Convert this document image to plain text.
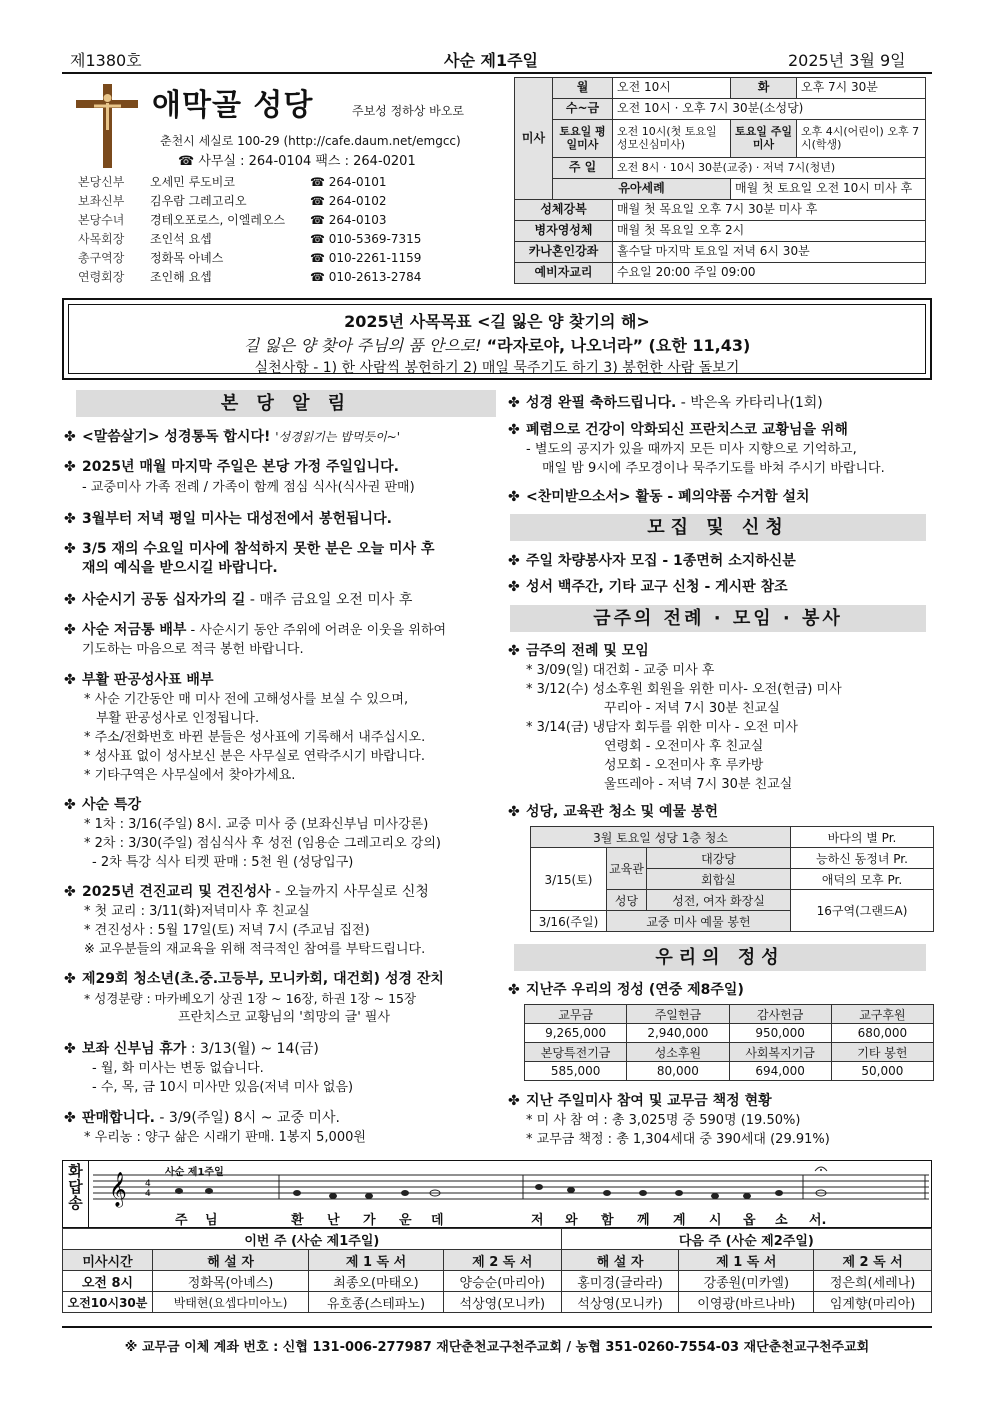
제1380호	사순 제1주일	2025년 3월 9일
애막골 성당	주보성 정하상 바오로
춘천시 세실로 100-29 (http://cafe.daum.net/emgcc)
☎ 사무실 : 264-0104 팩스 : 264-0201
본당신부	오세민 루도비코	☎ 264-0101
보좌신부	김우람 그레고리오	☎ 264-0102
본당수녀	경테오포로스, 이엘레오스	☎ 264-0103
사목회장	조인석 요셉	☎ 010-5369-7315
총구역장	정화목 아녜스	☎ 010-2261-1159
연령회장	조인해 요셉	☎ 010-2613-2784
미사	월	오전 10시	화	오후 7시 30분
	수~금	오전 10시 · 오후 7시 30분(소성당)		
	토요일 평일미사	오전 10시(첫 토요일 성모신심미사)	토요일 주일미사	오후 4시(어린이) 오후 7시(학생)
	주 일	오전 8시 · 10시 30분(교중) · 저녁 7시(청년)		
	유아세례		매월 첫 토요일 오전 10시 미사 후	
성체강복		매월 첫 목요일 오후 7시 30분 미사 후		
병자영성체		매월 첫 목요일 오후 2시		
카나혼인강좌		홀수달 마지막 토요일 저녁 6시 30분		
예비자교리		수요일 20:00 주일 09:00		
2025년 사목목표 <길 잃은 양 찾기의 해>
길 잃은 양 찾아 주님의 품 안으로! “라자로야, 나오너라” (요한 11,43)
실천사항 - 1) 한 사람씩 봉헌하기 2) 매일 묵주기도 하기 3) 봉헌한 사람 돌보기
본 당 알 림
✤ <말씀살기> 성경통독 합시다! '성경읽기는 밥먹듯이~'
✤ 2025년 매월 마지막 주일은 본당 가정 주일입니다.
- 교중미사 가족 전례 / 가족이 함께 점심 식사(식사권 판매)
✤ 3월부터 저녁 평일 미사는 대성전에서 봉헌됩니다.
✤ 3/5 재의 수요일 미사에 참석하지 못한 분은 오늘 미사 후
재의 예식을 받으시길 바랍니다.
✤ 사순시기 공동 십자가의 길 - 매주 금요일 오전 미사 후
✤ 사순 저금통 배부 - 사순시기 동안 주위에 어려운 이웃을 위하여
기도하는 마음으로 적극 봉헌 바랍니다.
✤ 부활 판공성사표 배부
* 사순 기간동안 매 미사 전에 고해성사를 보실 수 있으며,
부활 판공성사로 인정됩니다.
* 주소/전화번호 바뀐 분들은 성사표에 기록해서 내주십시오.
* 성사표 없이 성사보신 분은 사무실로 연락주시기 바랍니다.
* 기타구역은 사무실에서 찾아가세요.
✤ 사순 특강
* 1차 : 3/16(주일) 8시. 교중 미사 중 (보좌신부님 미사강론)
* 2차 : 3/30(주일) 점심식사 후 성전 (임용순 그레고리오 강의)
- 2차 특강 식사 티켓 판매 : 5천 원 (성당입구)
✤ 2025년 견진교리 및 견진성사 - 오늘까지 사무실로 신청
* 첫 교리 : 3/11(화)저녁미사 후 친교실
* 견진성사 : 5월 17일(토) 저녁 7시 (주교님 집전)
※ 교우분들의 재교육을 위해 적극적인 참여를 부탁드립니다.
✤ 제29회 청소년(초.중.고등부, 모니카회, 대건회) 성경 잔치
* 성경분량 : 마카베오기 상권 1장 ~ 16장, 하권 1장 ~ 15장
프란치스코 교황님의 '희망의 글' 필사
✤ 보좌 신부님 휴가 : 3/13(월) ~ 14(금)
- 월, 화 미사는 변동 없습니다.
- 수, 목, 금 10시 미사만 있음(저녁 미사 없음)
✤ 판매합니다. - 3/9(주일) 8시 ~ 교중 미사.
* 우리농 : 양구 삶은 시래기 판매. 1봉지 5,000원
✤ 성경 완필 축하드립니다. - 박은옥 카타리나(1회)
✤ 폐렴으로 건강이 악화되신 프란치스코 교황님을 위해
- 별도의 공지가 있을 때까지 모든 미사 지향으로 기억하고,
매일 밤 9시에 주모경이나 묵주기도를 바쳐 주시기 바랍니다.
✤ <찬미받으소서> 활동 - 폐의약품 수거함 설치
모집 및 신청
✤ 주일 차량봉사자 모집 - 1종면허 소지하신분
✤ 성서 백주간, 기타 교구 신청 - 게시판 참조
금주의 전례 · 모임 · 봉사
✤ 금주의 전례 및 모임
* 3/09(일) 대건회 - 교중 미사 후
* 3/12(수) 성소후원 회원을 위한 미사- 오전(헌금) 미사
꾸리아 - 저녁 7시 30분 친교실
* 3/14(금) 냉담자 회두를 위한 미사 - 오전 미사
연령회 - 오전미사 후 친교실
성모회 - 오전미사 후 루카방
울뜨레아 - 저녁 7시 30분 친교실
✤ 성당, 교육관 청소 및 예물 봉헌
3월 토요일 성당 1층 청소			바다의 별 Pr.
3/15(토)	교육관	대강당	능하신 동정녀 Pr.
		회합실	애덕의 모후 Pr.
	성당	성전, 여자 화장실	16구역(그랜드A)
3/16(주일)	교중 미사 예물 봉헌		
우리의 정성
✤ 지난주 우리의 정성 (연중 제8주일)
교무금	주일헌금	감사헌금	교구후원
9,265,000	2,940,000	950,000	680,000
본당특전기금	성소후원	사회복지기금	기타 봉헌
585,000	80,000	694,000	50,000
✤ 지난 주일미사 참여 및 교무금 책정 현황
* 미 사 참 여 : 총 3,025명 중 590명 (19.50%)
* 교무금 책정 : 총 1,304세대 중 390세대 (29.91%)
화답송 𝄞 4
4
사순 제1주일
주 님	환 난 가 운 데	저 와 함 께 계 시 옵 소 서.
이번 주 (사순 제1주일)				다음 주 (사순 제2주일)		
미사시간	해 설 자	제 1 독 서	제 2 독 서	해 설 자	제 1 독 서	제 2 독 서
오전 8시	정화목(아녜스)	최종오(마태오)	양승순(마리아)	홍미경(글라라)	강종원(미카엘)	정은희(세레나)
오전10시30분	박태현(요셉다미아노)	유호종(스테파노)	석상영(모니카)	석상영(모니카)	이영광(바르나바)	임계향(마리아)
※ 교무금 이체 계좌 번호 : 신협 131-006-277987 재단춘천교구천주교회 / 농협 351-0260-7554-03 재단춘천교구천주교회
